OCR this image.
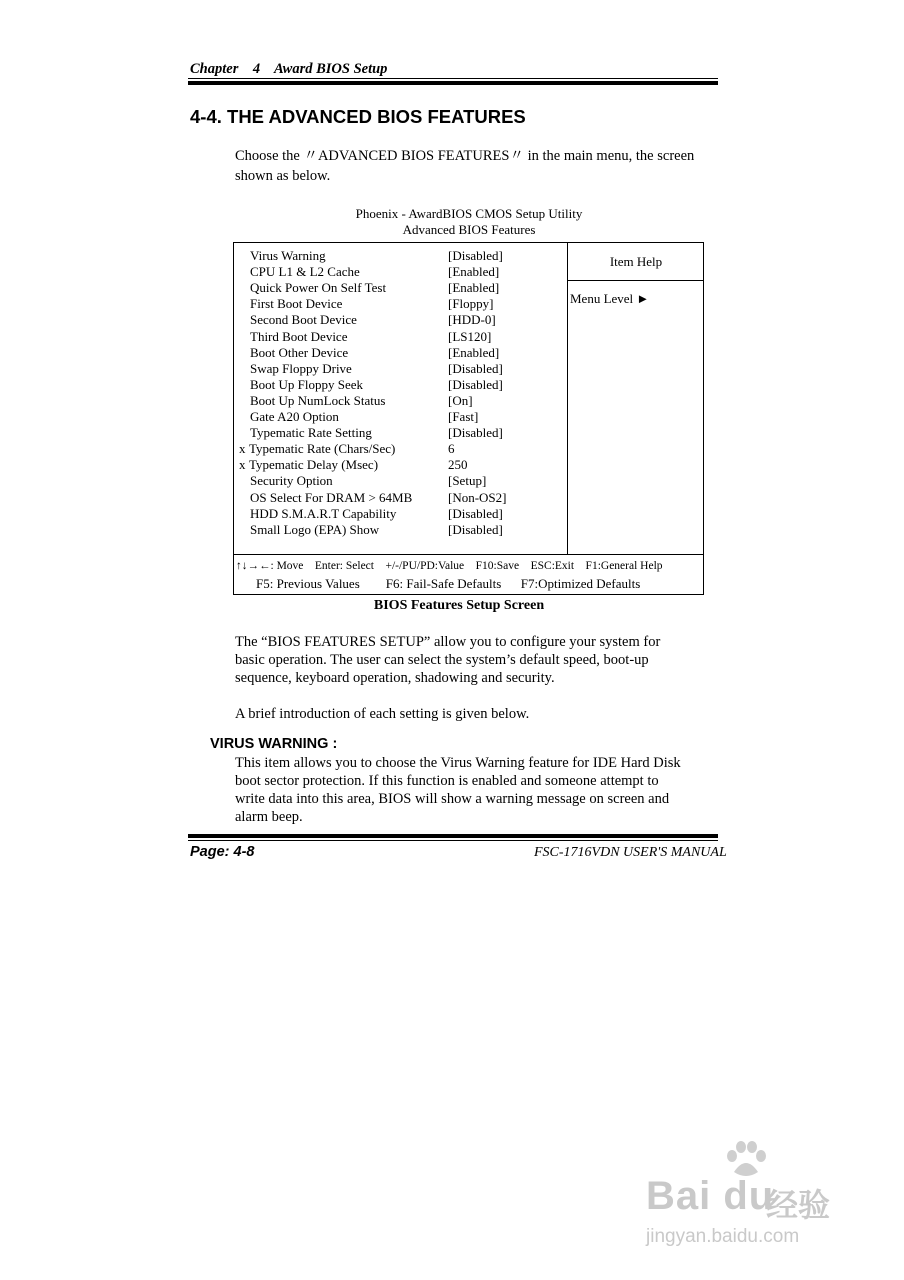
Chapter    4    Award BIOS Setup
4-4. THE ADVANCED BIOS FEATURES
Choose the 〃ADVANCED BIOS FEATURES〃 in the main menu, the screen
shown as below.
Phoenix - AwardBIOS CMOS Setup Utility
Advanced BIOS Features
Virus Warning	[Disabled]
CPU L1 & L2 Cache	[Enabled]
Quick Power On Self Test	[Enabled]
First Boot Device	[Floppy]
Second Boot Device	[HDD-0]
Third Boot Device	[LS120]
Boot Other Device	[Enabled]
Swap Floppy Drive	[Disabled]
Boot Up Floppy Seek	[Disabled]
Boot Up NumLock Status	[On]
Gate A20 Option	[Fast]
Typematic Rate Setting	[Disabled]
x Typematic Rate (Chars/Sec)	6
x Typematic Delay (Msec)	250
Security Option	[Setup]
OS Select For DRAM > 64MB	[Non-OS2]
HDD S.M.A.R.T Capability	[Disabled]
Small Logo (EPA) Show	[Disabled]
Item Help
Menu Level ►
↑↓→←: Move    Enter: Select    +/-/PU/PD:Value    F10:Save    ESC:Exit    F1:General Help
F5: Previous Values        F6: Fail-Safe Defaults      F7:Optimized Defaults
BIOS Features Setup Screen
The “BIOS FEATURES SETUP” allow you to configure your system for
basic operation. The user can select the system’s default speed, boot-up
sequence, keyboard operation, shadowing and security.
A brief introduction of each setting is given below.
VIRUS WARNING :
This item allows you to choose the Virus Warning feature for IDE Hard Disk
boot sector protection. If this function is enabled and someone attempt to
write data into this area, BIOS will show a warning message on screen and
alarm beep.
Page: 4-8	FSC-1716VDN USER'S MANUAL
Bai du
经验
jingyan.baidu.com
